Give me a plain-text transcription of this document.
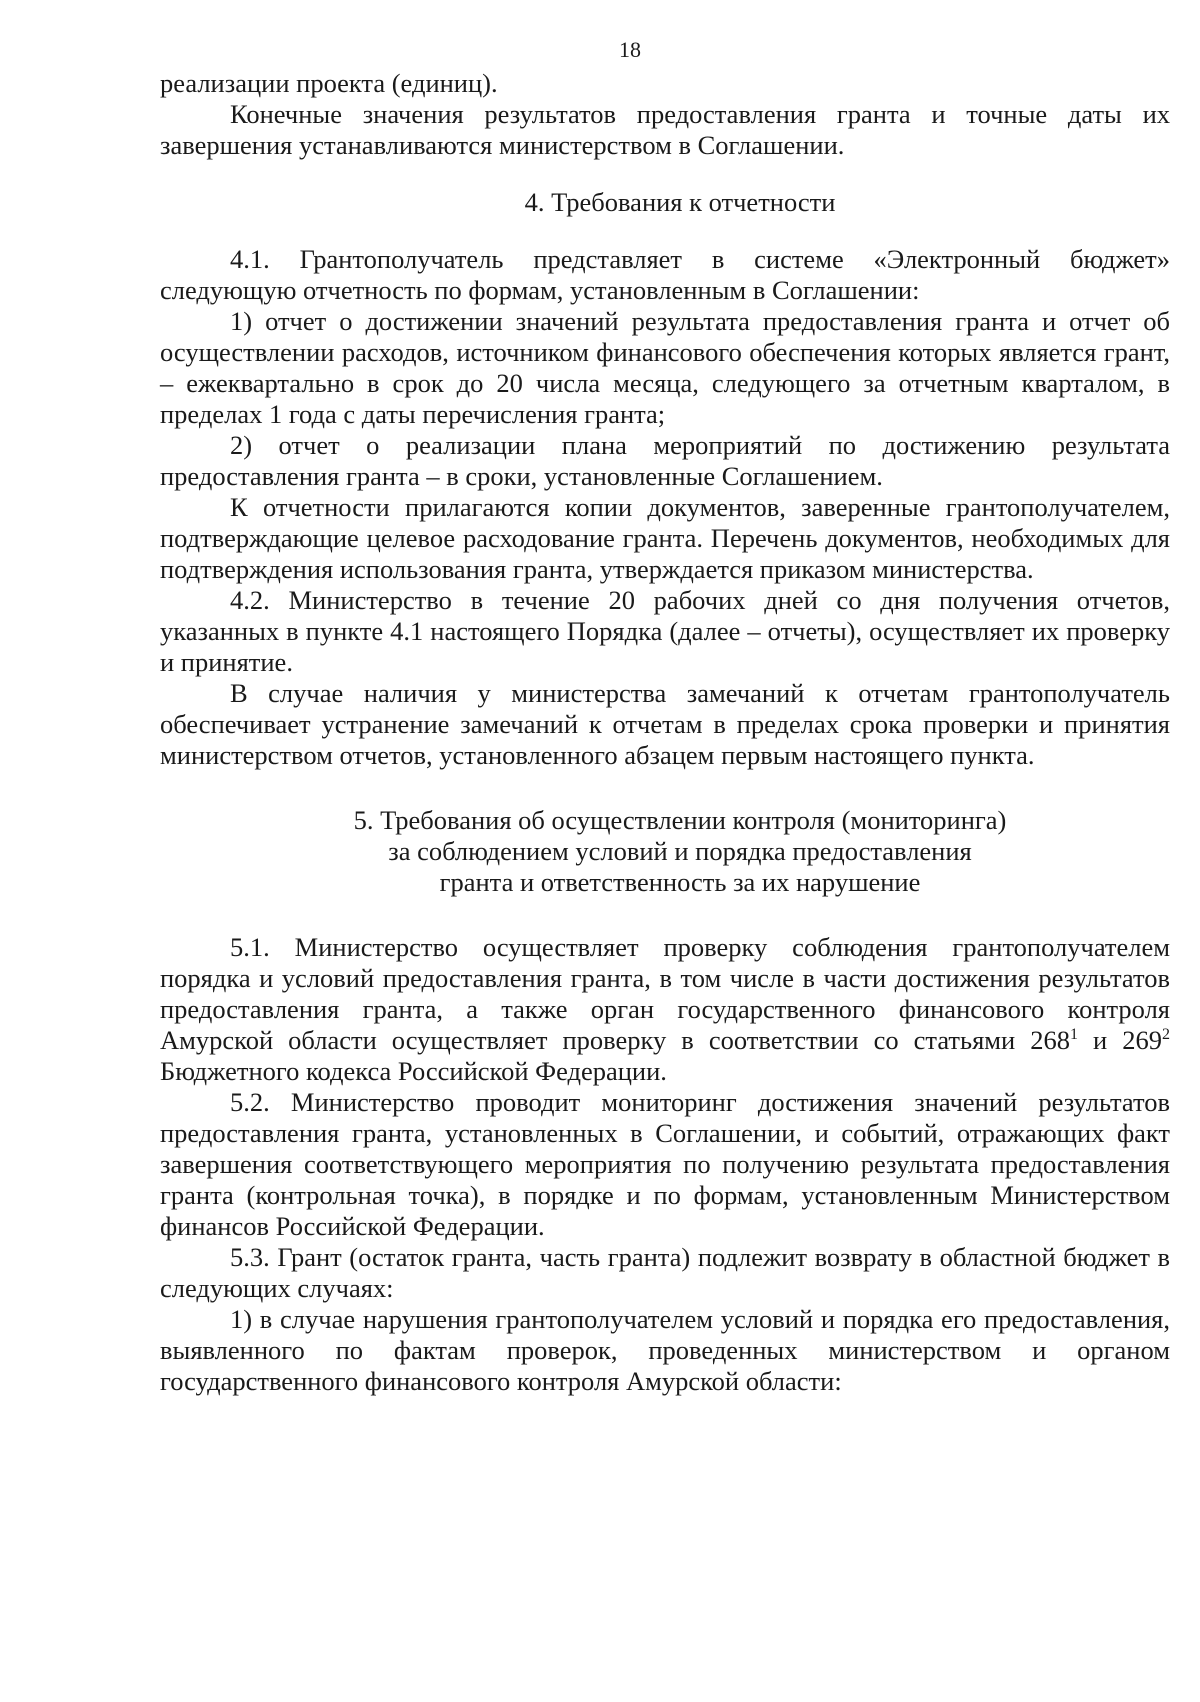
18

реализации проекта (единиц).

Конечные значения результатов предоставления гранта и точные даты их завершения устанавливаются министерством в Соглашении.

4. Требования к отчетности

4.1. Грантополучатель представляет в системе «Электронный бюджет» следующую отчетность по формам, установленным в Соглашении:

1) отчет о достижении значений результата предоставления гранта и отчет об осуществлении расходов, источником финансового обеспечения которых является грант, – ежеквартально в срок до 20 числа месяца, следующего за отчетным кварталом, в пределах 1 года с даты перечисления гранта;

2) отчет о реализации плана мероприятий по достижению результата предоставления гранта – в сроки, установленные Соглашением.

К отчетности прилагаются копии документов, заверенные грантополучателем, подтверждающие целевое расходование гранта. Перечень документов, необходимых для подтверждения использования гранта, утверждается приказом министерства.

4.2. Министерство в течение 20 рабочих дней со дня получения отчетов, указанных в пункте 4.1 настоящего Порядка (далее – отчеты), осуществляет их проверку и принятие.

В случае наличия у министерства замечаний к отчетам грантополучатель обеспечивает устранение замечаний к отчетам в пределах срока проверки и принятия министерством отчетов, установленного абзацем первым настоящего пункта.

5. Требования об осуществлении контроля (мониторинга)

за соблюдением условий и порядка предоставления

гранта и ответственность за их нарушение

5.1. Министерство осуществляет проверку соблюдения грантополучателем порядка и условий предоставления гранта, в том числе в части достижения результатов предоставления гранта, а также орган государственного финансового контроля Амурской области осуществляет проверку в соответствии со статьями $268^1$ и $269^2$ Бюджетного кодекса Российской Федерации.

5.2. Министерство проводит мониторинг достижения значений результатов предоставления гранта, установленных в Соглашении, и событий, отражающих факт завершения соответствующего мероприятия по получению результата предоставления гранта (контрольная точка), в порядке и по формам, установленным Министерством финансов Российской Федерации.

5.3. Грант (остаток гранта, часть гранта) подлежит возврату в областной бюджет в следующих случаях:

1) в случае нарушения грантополучателем условий и порядка его предоставления, выявленного по фактам проверок, проведенных министерством и органом государственного финансового контроля Амурской области:
